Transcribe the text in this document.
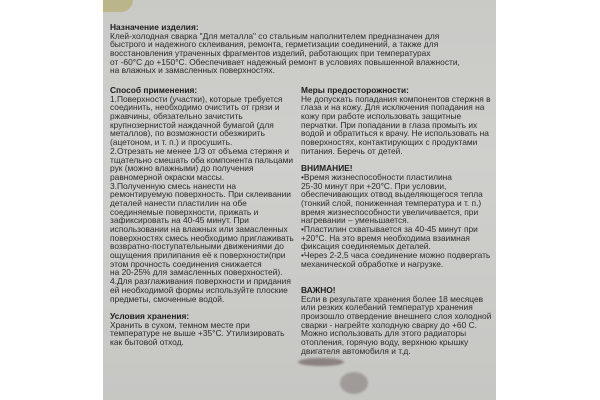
Назначение изделия:
Клей-холодная сварка "Для металла" со стальным наполнителем предназначен для
быстрого и надежного склеивания, ремонта, герметизации соединений, а также для
восстановления утраченных фрагментов изделий, работающих при температурах
от -60°С до +150°С. Обеспечивает надежный ремонт в условиях повышенной влажности,
на влажных и замасленных поверхностях.
Способ применения:
1.Поверхности (участки), которые требуется
соединить, необходимо очистить от грязи и
ржавчины, обязательно зачистить
крупнозернистой наждачной бумагой (для
металлов), по возможности обезжирить
(ацетоном, и т. п.) и просушить.
2.Отрезать не менее 1/3 от объема стержня и
тщательно смешать оба компонента пальцами
рук (можно влажными) до получения
равномерной окраски массы.
3.Полученную смесь нанести на
ремонтируемую поверхность. При склеивании
деталей нанести пластилин на обе
соединяемые поверхности, прижать и
зафиксировать на 40-45 минут. При
использовании на влажных или замасленных
поверхностях смесь необходимо приглаживать
возвратно-поступательными движениями до
ощущения прилипания её к поверхности(при
этом прочность соединения снижается
на 20-25% для замасленных поверхностей).
4.Для разглаживания поверхности и придания
ей необходимой формы используйте плоские
предметы, смоченные водой.
Условия хранения:
Хранить в сухом, темном месте при
температуре не выше +35°С. Утилизировать
как бытовой отход.
Меры предосторожности:
Не допускать попадания компонентов стержня в
глаза и на кожу. Для исключения попадания на
кожу при работе использовать защитные
перчатки. При попадании в глаза промыть их
водой и обратиться к врачу. Не использовать на
поверхностях, контактирующих с продуктами
питания. Беречь от детей.
ВНИМАНИЕ!
•Время жизнеспособности пластилина
25-30 минут при +20°С. При условии,
обеспечивающих отвод выделяющегося тепла
(тонкий слой, пониженная температура и т. п.)
время жизнеспособности увеличивается, при
нагревании – уменьшается.
•Пластилин схватывается за 40-45 минут при
+20°С. На это время необходима взаимная
фиксация соединяемых деталей.
•Через 2-2,5 часа соединение можно подвергать
механической обработке и нагрузке.
ВАЖНО!
Если в результате хранения более 18 месяцев
или резких колебаний температур хранения
произошло отвердение внешнего слоя холодной
сварки - нагрейте холодную сварку до +60 С.
Можно использовать для этого радиаторы
отопления, горячую воду, верхнюю крышку
двигателя автомобиля и т.д.
